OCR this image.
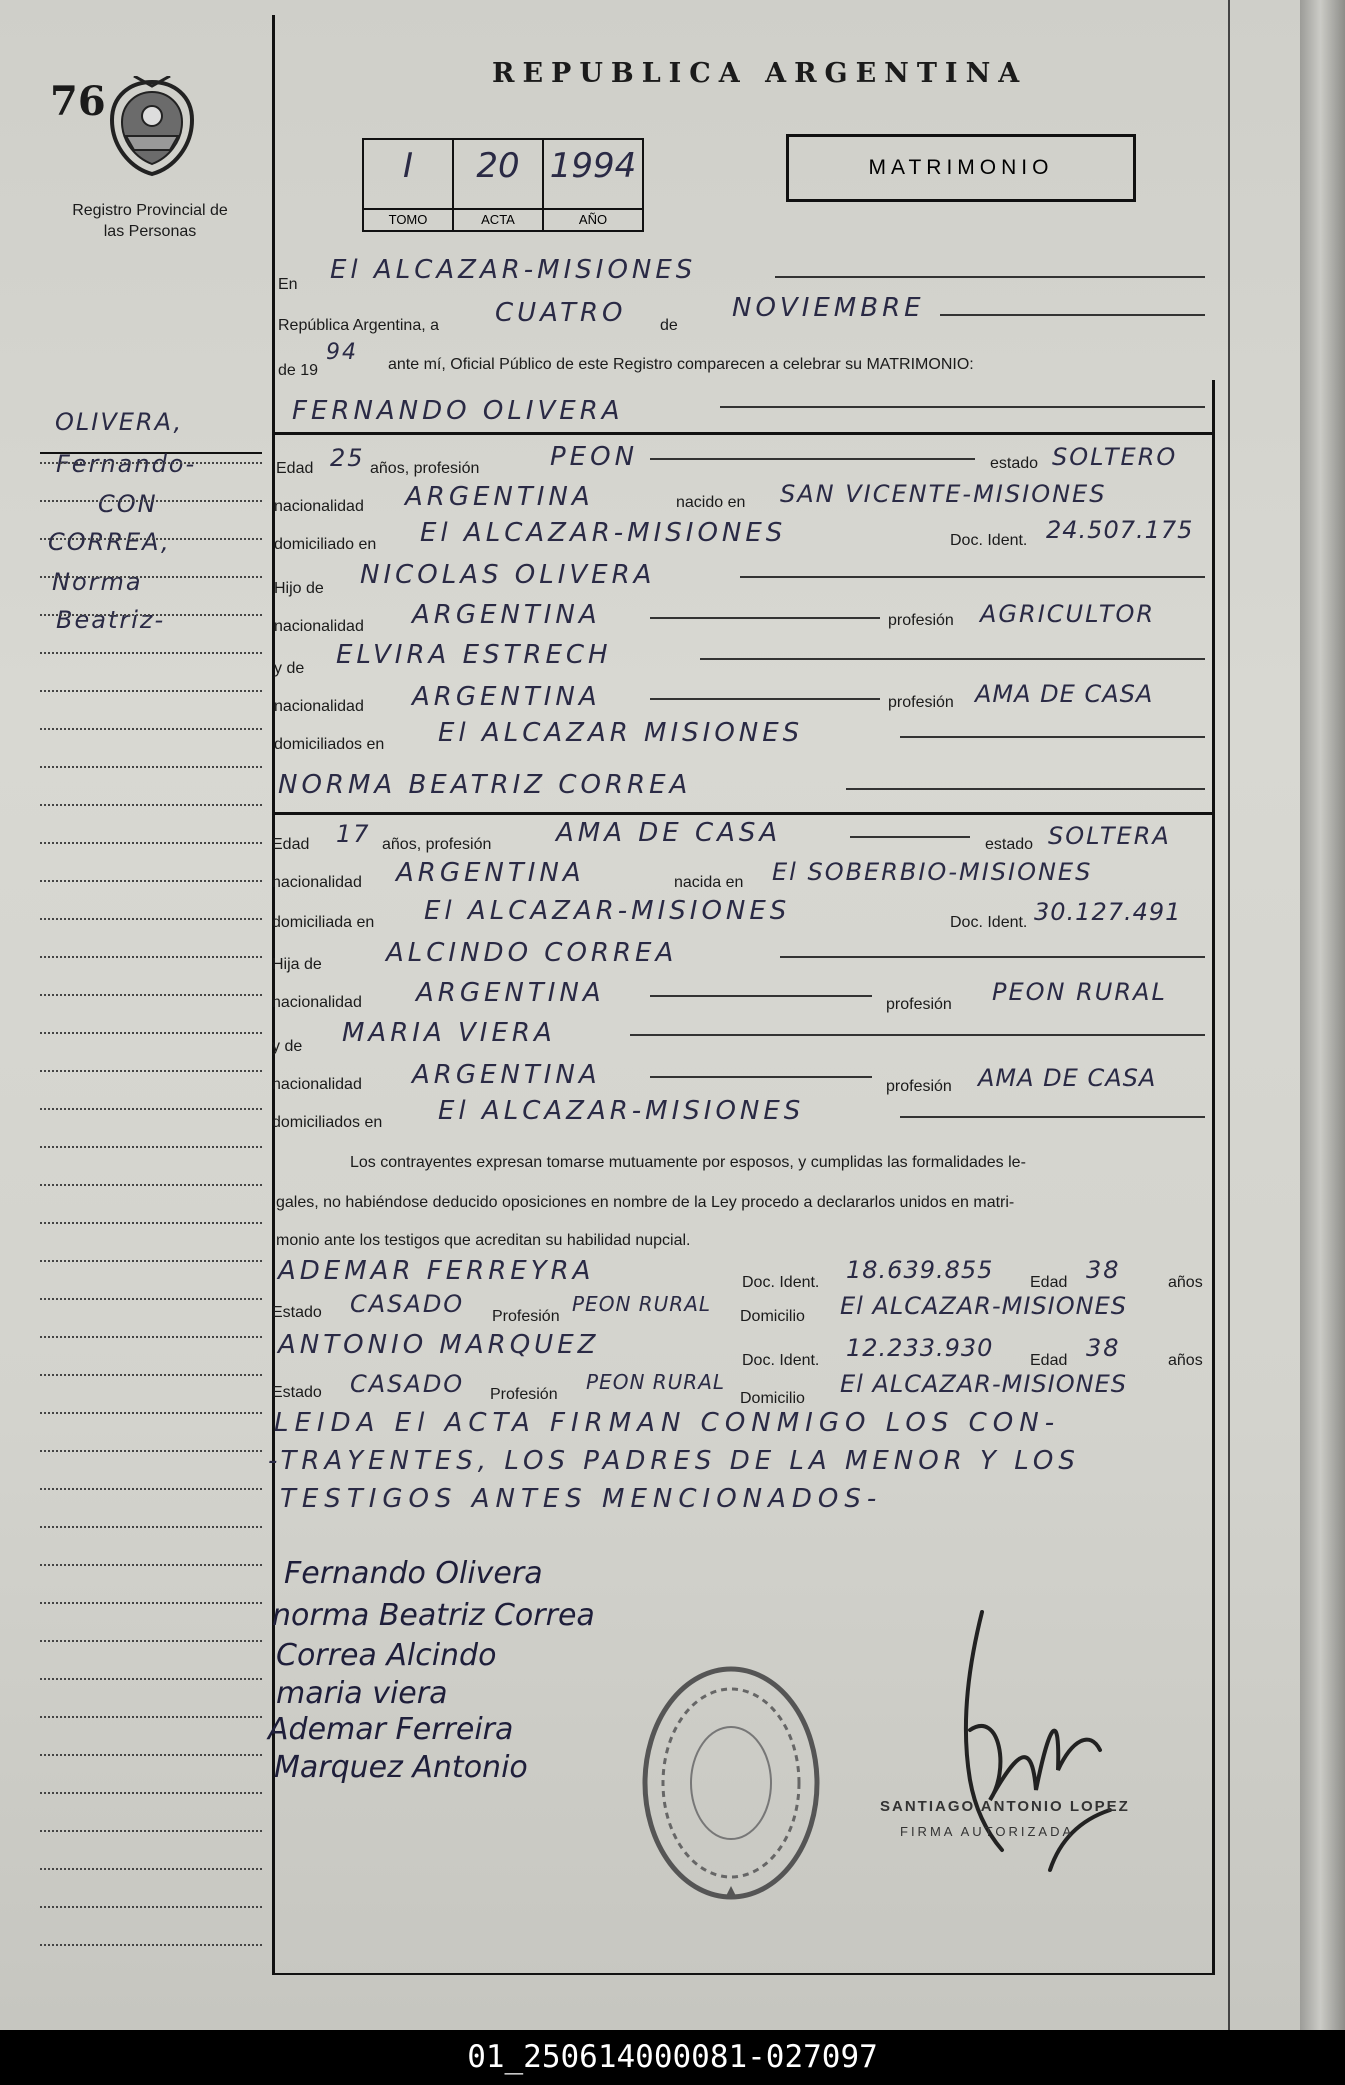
76
Registro Provincial de las Personas
REPUBLICA ARGENTINA
I
TOMO
20
ACTA
1994
AÑO
MATRIMONIO
OLIVERA,
Fernando-
CON
CORREA,
Norma
Beatriz-
En El ALCAZAR-MISIONES
República Argentina, a CUATRO de
NOVIEMBRE
de 19
94 ante mí, Oficial Público de este Registro comparecen a celebrar su MATRIMONIO:
FERNANDO OLIVERA
Edad 25 años, profesión	PEON	estado SOLTERO
nacionalidad ARGENTINA	nacido en SAN VICENTE-MISIONES
domiciliado en El ALCAZAR-MISIONES	Doc. Ident. 24.507.175
Hijo de NICOLAS OLIVERA
nacionalidad ARGENTINA	profesión AGRICULTOR
y de ELVIRA ESTRECH
nacionalidad ARGENTINA	profesión AMA DE CASA
domiciliados en El ALCAZAR MISIONES
NORMA BEATRIZ CORREA
Edad 17 años, profesión AMA DE CASA	estado SOLTERA
nacionalidad ARGENTINA	nacida en El SOBERBIO-MISIONES
domiciliada en El ALCAZAR-MISIONES	Doc. Ident. 30.127.491
Hija de ALCINDO CORREA
nacionalidad ARGENTINA	profesión PEON RURAL
y de MARIA VIERA
nacionalidad ARGENTINA	profesión AMA DE CASA
domiciliados en El ALCAZAR-MISIONES
Los contrayentes expresan tomarse mutuamente por esposos, y cumplidas las formalidades le-
gales, no habiéndose deducido oposiciones en nombre de la Ley procedo a declararlos unidos en matri-
monio ante los testigos que acreditan su habilidad nupcial.
ADEMAR FERREYRA	Doc. Ident. 18.639.855 Edad 38	años
Estado CASADO Profesión
PEON RURAL
Domicilio El ALCAZAR-MISIONES
ANTONIO MARQUEZ
Doc. Ident. 12.233.930 Edad 38	años
Estado CASADO Profesión
PEON RURAL
Domicilio
El ALCAZAR-MISIONES
LEIDA El ACTA FIRMAN CONMIGO LOS CON-
-TRAYENTES, LOS PADRES DE LA MENOR Y LOS
TESTIGOS ANTES MENCIONADOS-
Fernando Olivera
norma Beatriz Correa
Correa Alcindo
maria viera
Ademar Ferreira
Marquez Antonio
SANTIAGO ANTONIO LOPEZ
FIRMA AUTORIZADA
01_250614000081-027097
